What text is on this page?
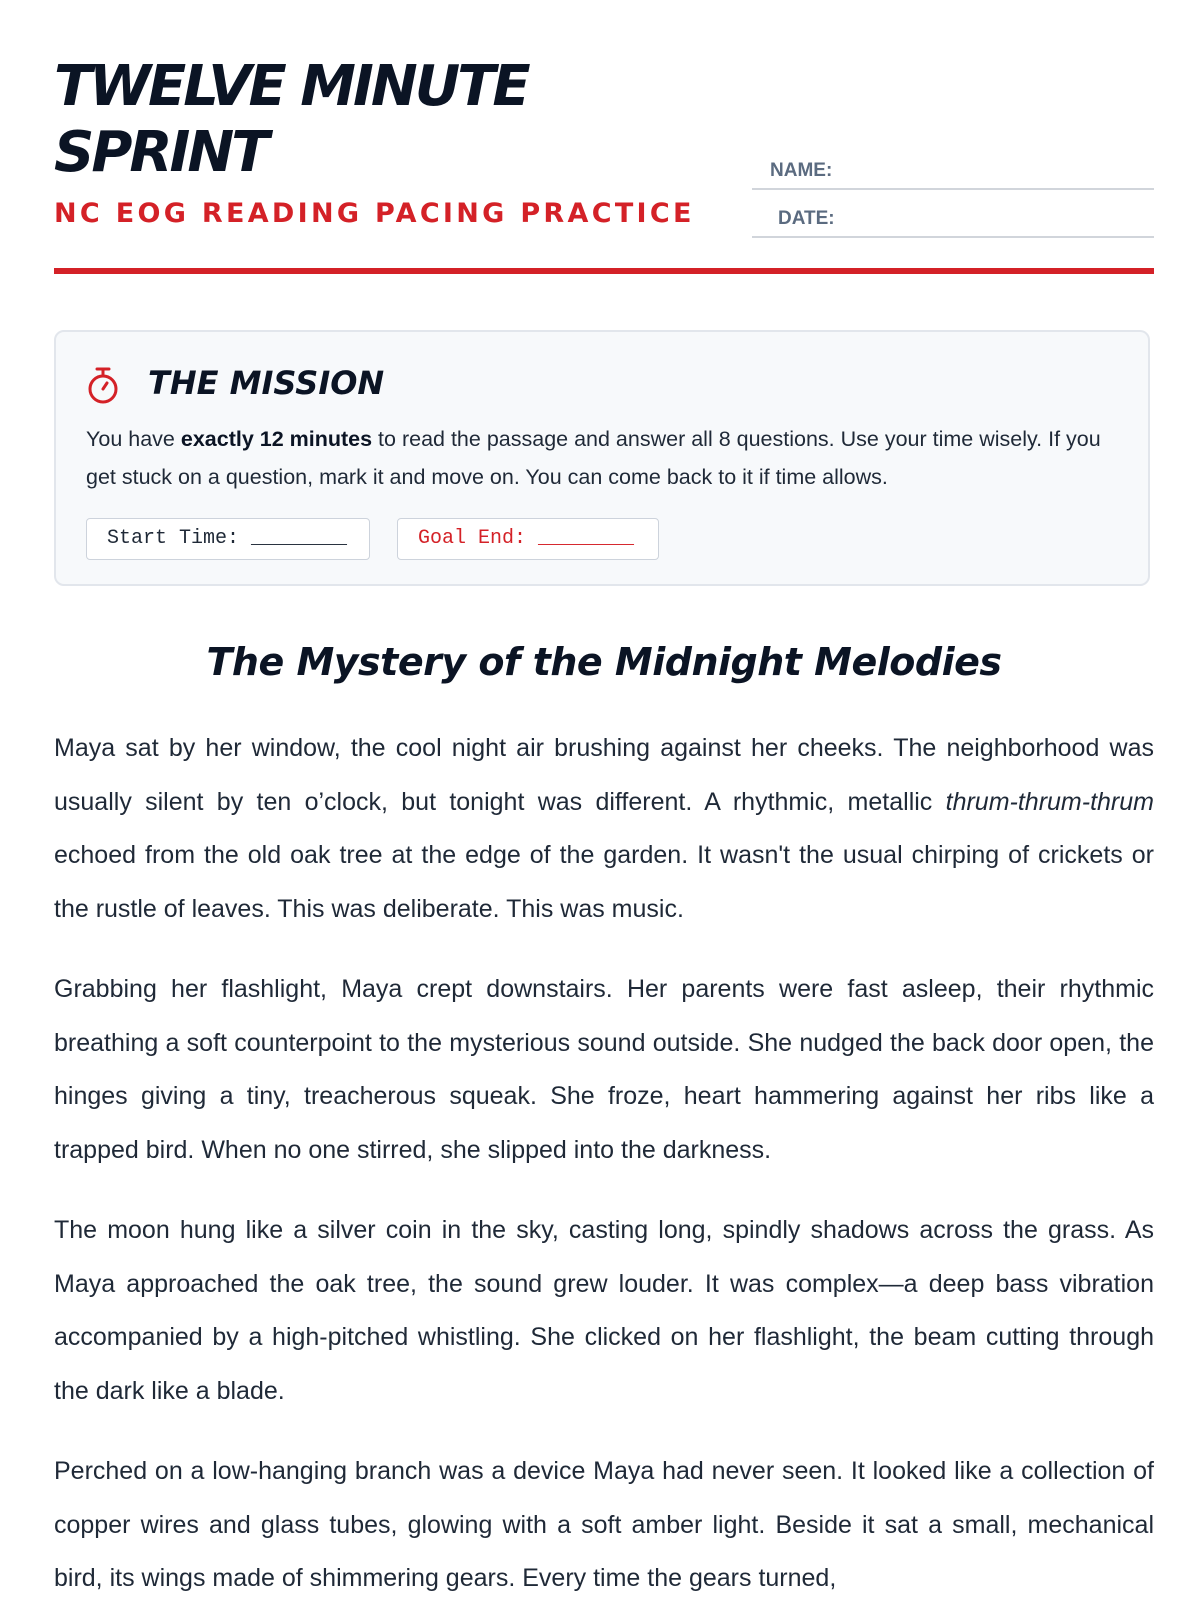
TWELVE MINUTE SPRINT
NC EOG READING PACING PRACTICE
NAME:
DATE:
THE MISSION
You have exactly 12 minutes to read the passage and answer all 8 questions. Use your time wisely. If you get stuck on a question, mark it and move on. You can come back to it if time allows.
Start Time: ________	Goal End: ________
The Mystery of the Midnight Melodies

Maya sat by her window, the cool night air brushing against her cheeks. The neighborhood was usually silent by ten o’clock, but tonight was different. A rhythmic, metallic thrum-thrum-thrum echoed from the old oak tree at the edge of the garden. It wasn't the usual chirping of crickets or the rustle of leaves. This was deliberate. This was music.

Grabbing her flashlight, Maya crept downstairs. Her parents were fast asleep, their rhythmic breathing a soft counterpoint to the mysterious sound outside. She nudged the back door open, the hinges giving a tiny, treacherous squeak. She froze, heart hammering against her ribs like a trapped bird. When no one stirred, she slipped into the darkness.

The moon hung like a silver coin in the sky, casting long, spindly shadows across the grass. As Maya approached the oak tree, the sound grew louder. It was complex—a deep bass vibration accompanied by a high-pitched whistling. She clicked on her flashlight, the beam cutting through the dark like a blade.

Perched on a low-hanging branch was a device Maya had never seen. It looked like a collection of copper wires and glass tubes, glowing with a soft amber light. Beside it sat a small, mechanical bird, its wings made of shimmering gears. Every time the gears turned,
